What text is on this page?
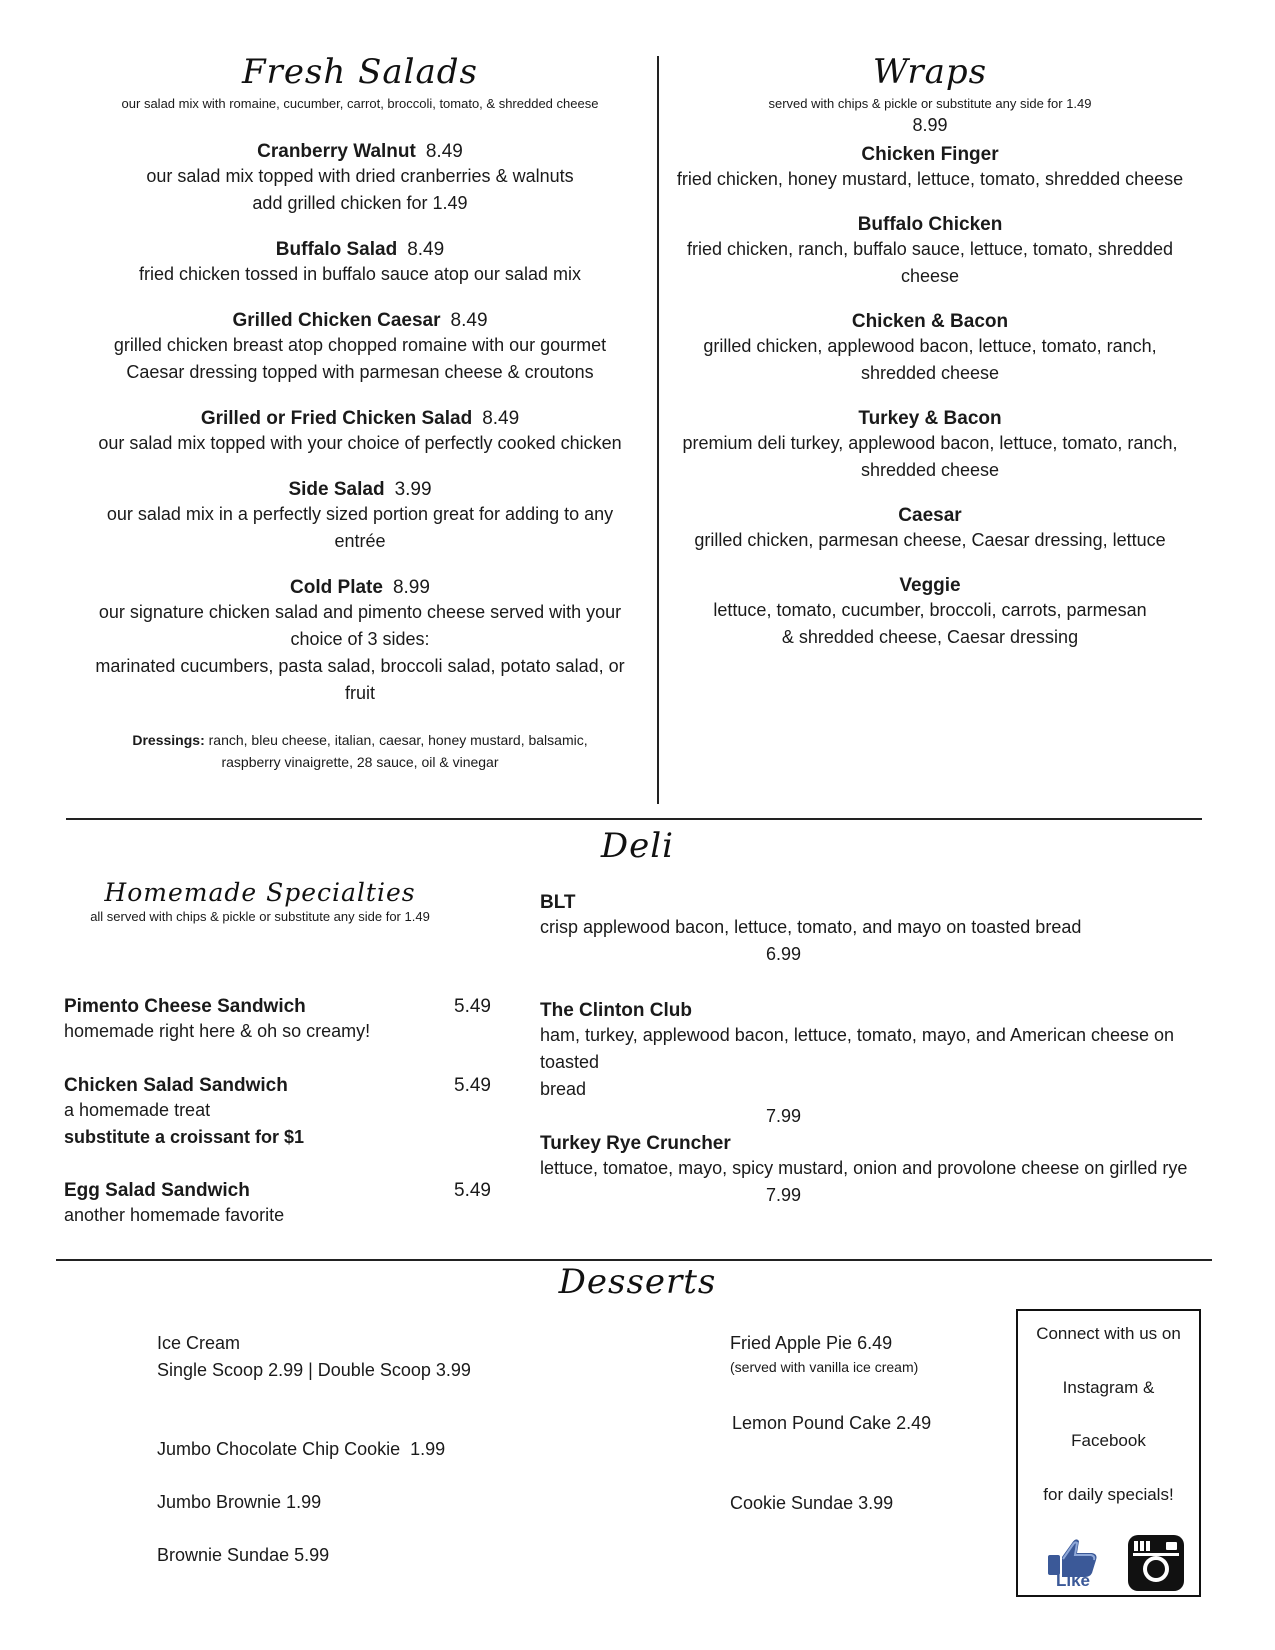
Fresh Salads
our salad mix with romaine, cucumber, carrot, broccoli, tomato, & shredded cheese
Cranberry Walnut 8.49
our salad mix topped with dried cranberries & walnuts
add grilled chicken for 1.49
Buffalo Salad 8.49
fried chicken tossed in buffalo sauce atop our salad mix
Grilled Chicken Caesar 8.49
grilled chicken breast atop chopped romaine with our gourmet
Caesar dressing topped with parmesan cheese & croutons
Grilled or Fried Chicken Salad 8.49
our salad mix topped with your choice of perfectly cooked chicken
Side Salad 3.99
our salad mix in a perfectly sized portion great for adding to any entrée
Cold Plate 8.99
our signature chicken salad and pimento cheese served with your
choice of 3 sides:
marinated cucumbers, pasta salad, broccoli salad, potato salad, or fruit
Dressings: ranch, bleu cheese, italian, caesar, honey mustard, balsamic,
raspberry vinaigrette, 28 sauce, oil & vinegar
Wraps
served with chips & pickle or substitute any side for 1.49
8.99
Chicken Finger
fried chicken, honey mustard, lettuce, tomato, shredded cheese
Buffalo Chicken
fried chicken, ranch, buffalo sauce, lettuce, tomato, shredded
cheese
Chicken & Bacon
grilled chicken, applewood bacon, lettuce, tomato, ranch,
shredded cheese
Turkey & Bacon
premium deli turkey, applewood bacon, lettuce, tomato, ranch,
shredded cheese
Caesar
grilled chicken, parmesan cheese, Caesar dressing, lettuce
Veggie
lettuce, tomato, cucumber, broccoli, carrots, parmesan
& shredded cheese, Caesar dressing
Deli
Homemade Specialties
all served with chips & pickle or substitute any side for 1.49
Pimento Cheese Sandwich	5.49
homemade right here & oh so creamy!
Chicken Salad Sandwich	5.49
a homemade treat
substitute a croissant for $1
Egg Salad Sandwich	5.49
another homemade favorite
BLT
crisp applewood bacon, lettuce, tomato, and mayo on toasted bread
6.99
The Clinton Club
ham, turkey, applewood bacon, lettuce, tomato, mayo, and American cheese on toasted
bread
7.99
Turkey Rye Cruncher
lettuce, tomatoe, mayo, spicy mustard, onion and provolone cheese on girlled rye
7.99
Desserts
Ice Cream
Single Scoop 2.99 | Double Scoop 3.99
Jumbo Chocolate Chip Cookie  1.99
Jumbo Brownie 1.99
Brownie Sundae 5.99
Fried Apple Pie 6.49
(served with vanilla ice cream)
Lemon Pound Cake 2.49
Cookie Sundae 3.99
Connect with us on
Instagram &
Facebook
for daily specials!
Like
